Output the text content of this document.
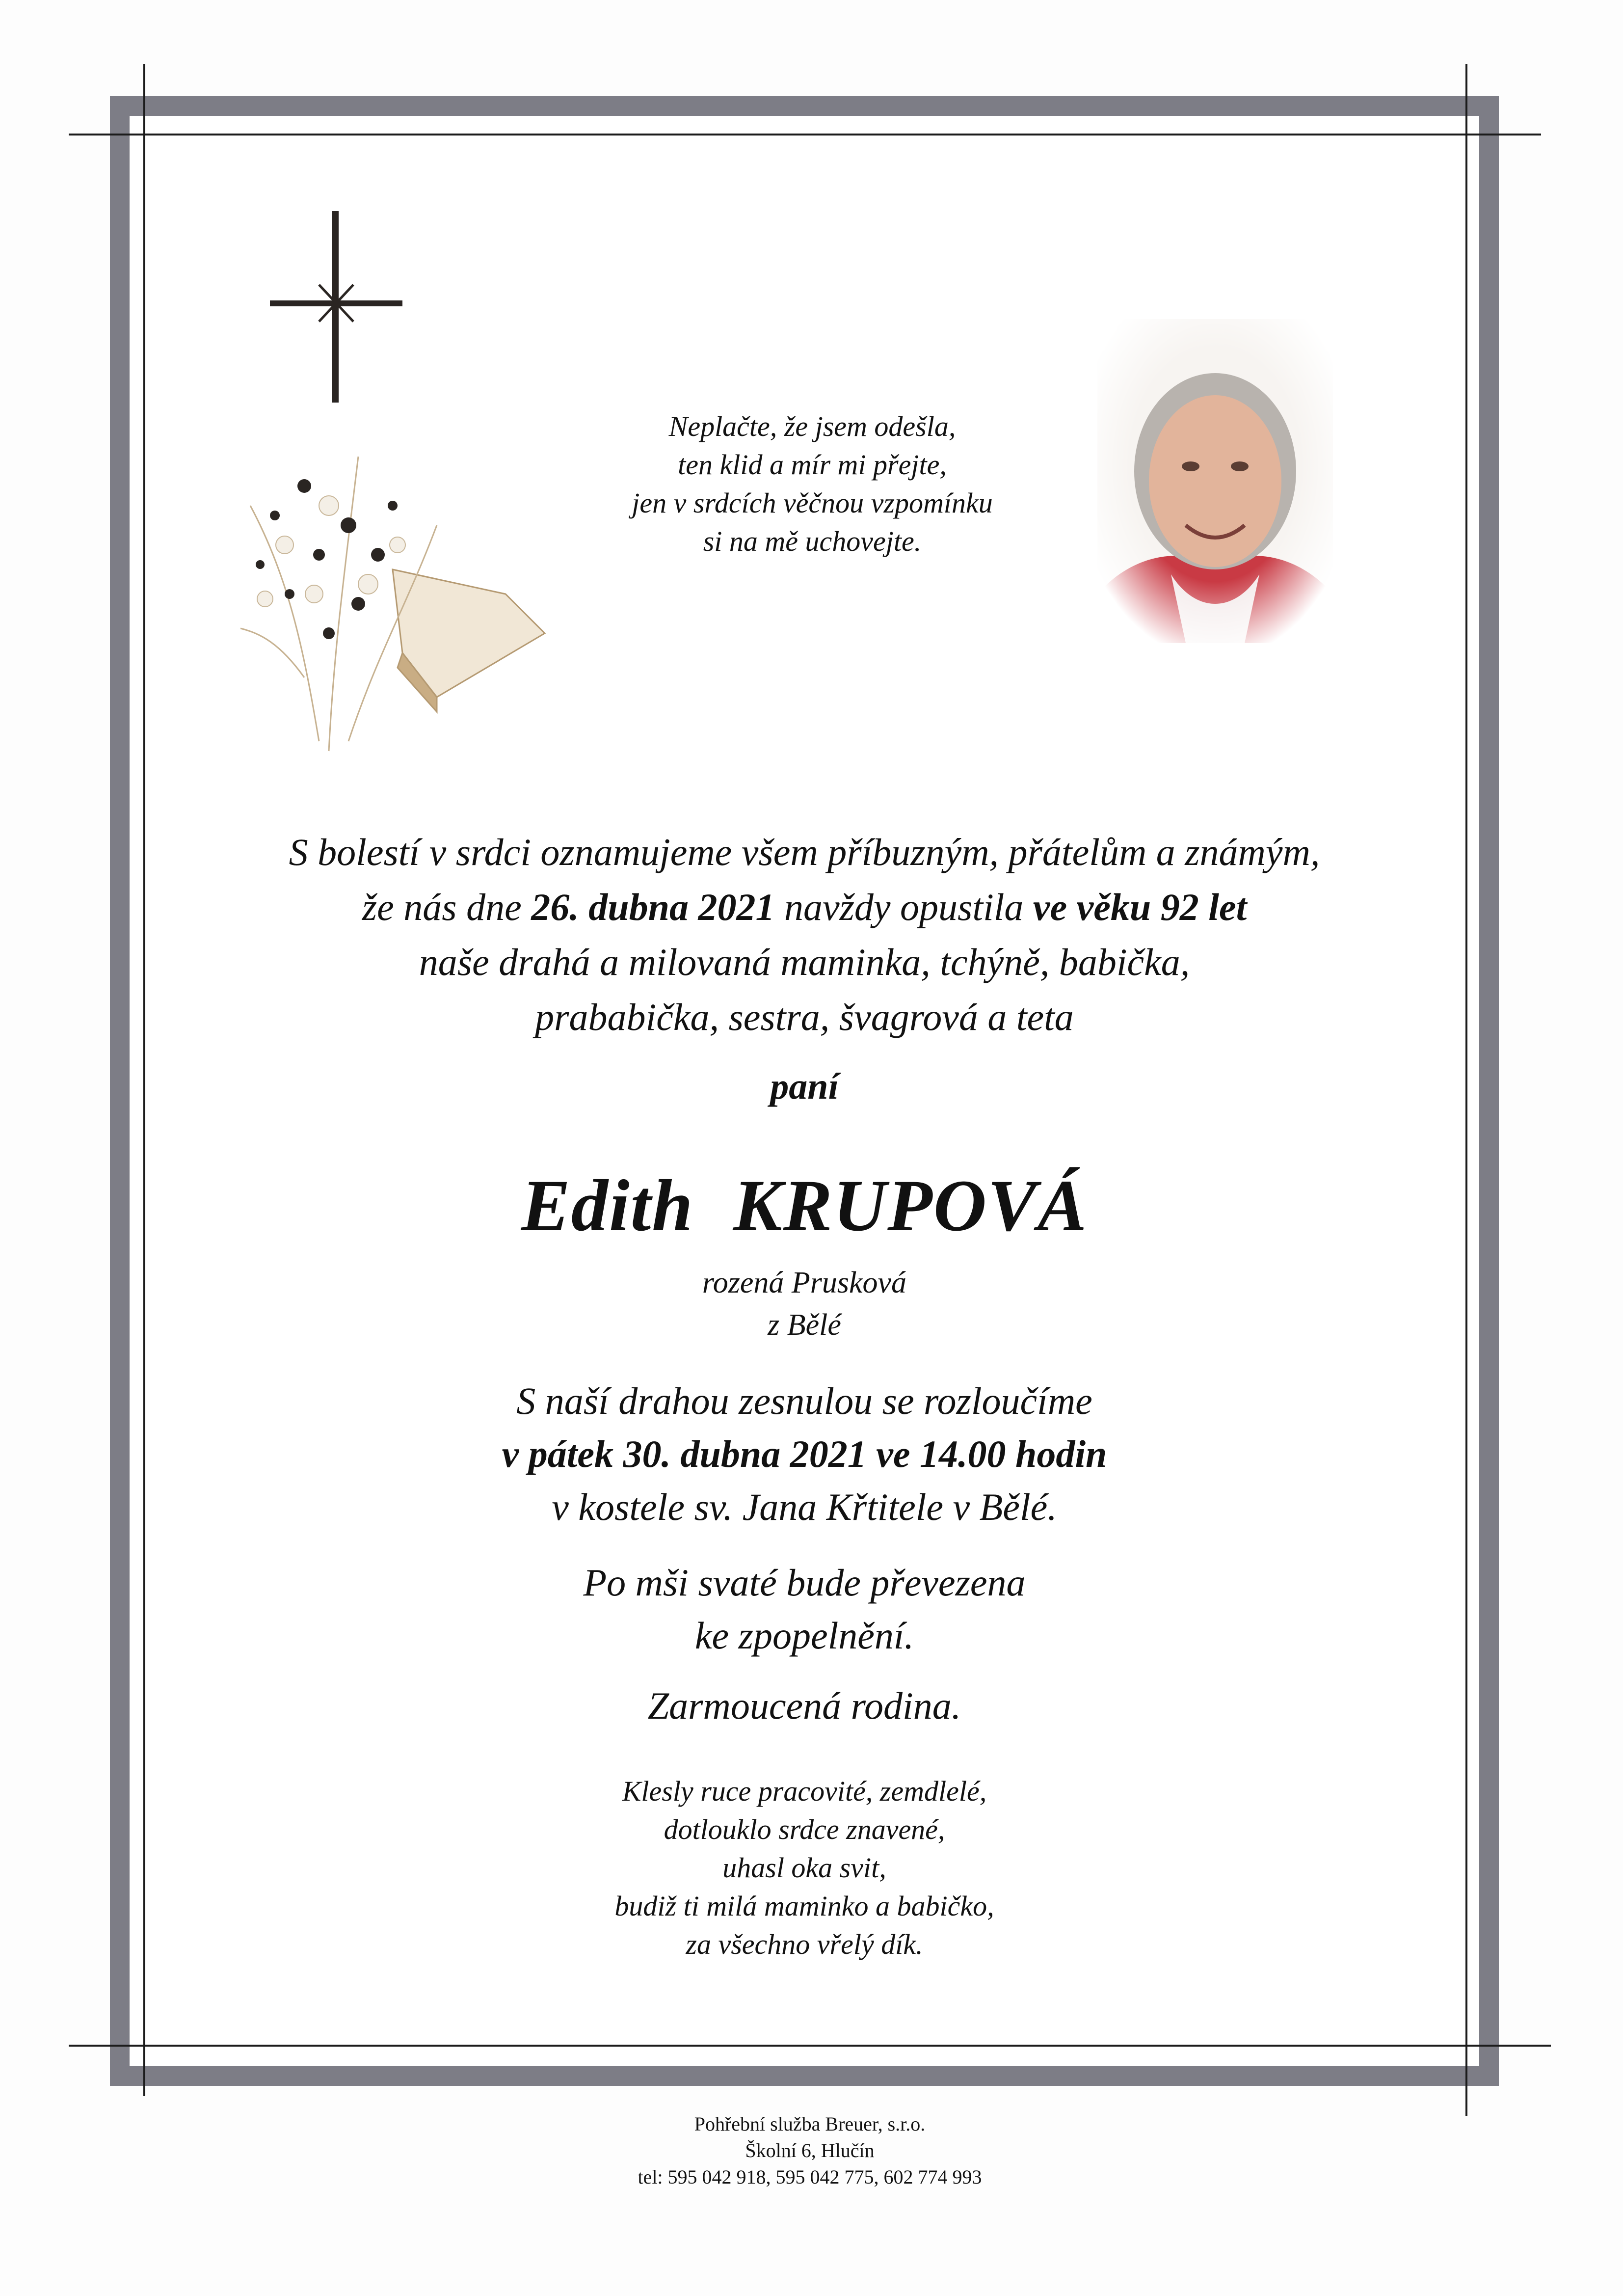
Neplačte, že jsem odešla,

ten klid a mír mi přejte,

jen v srdcích věčnou vzpomínku

si na mě uchovejte.

S bolestí v srdci oznamujeme všem příbuzným, přátelům a známým,

že nás dne 26. dubna 2021 navždy opustila ve věku 92 let

naše drahá a milovaná maminka, tchýně, babička,

prababička, sestra, švagrová a teta

paní
Edith KRUPOVÁ
rozená Prusková
z Bělé

S naší drahou zesnulou se rozloučíme

v pátek 30. dubna 2021 ve 14.00 hodin

v kostele sv. Jana Křtitele v Bělé.

Po mši svaté bude převezena

ke zpopelnění.

Zarmoucená rodina.

Klesly ruce pracovité, zemdlelé,

dotlouklo srdce znavené,

uhasl oka svit,

budiž ti milá maminko a babičko,

za všechno vřelý dík.

Pohřební služba Breuer, s.r.o.

Školní 6, Hlučín

tel: 595 042 918, 595 042 775, 602 774 993
